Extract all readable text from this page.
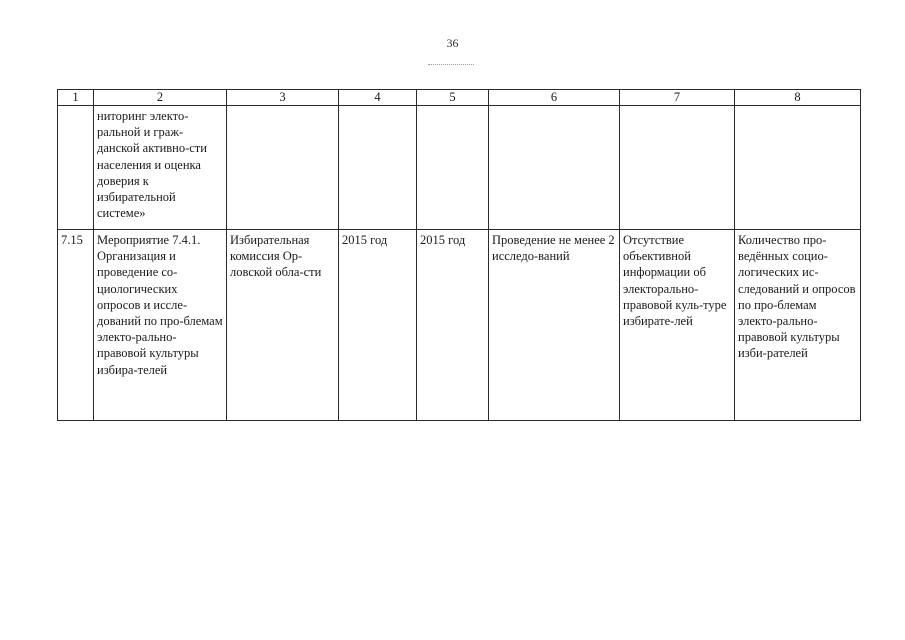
36
1	2	3	4	5	6	7	8
	ниторинг электо-ральной и граж-данской активно-сти населения и оценка доверия к избирательной системе»						
7.15	Мероприятие 7.4.1. Организация и проведение со-циологических опросов и иссле-дований по про-блемам электо-рально-правовой культуры избира-телей	Избирательная комиссия Ор-ловской обла-сти	2015 год	2015 год	Проведение не менее 2 исследо-ваний	Отсутствие объективной информации об электорально-правовой куль-туре избирате-лей	Количество про-ведённых социо-логических ис-следований и опросов по про-блемам электо-рально-правовой культуры изби-рателей
